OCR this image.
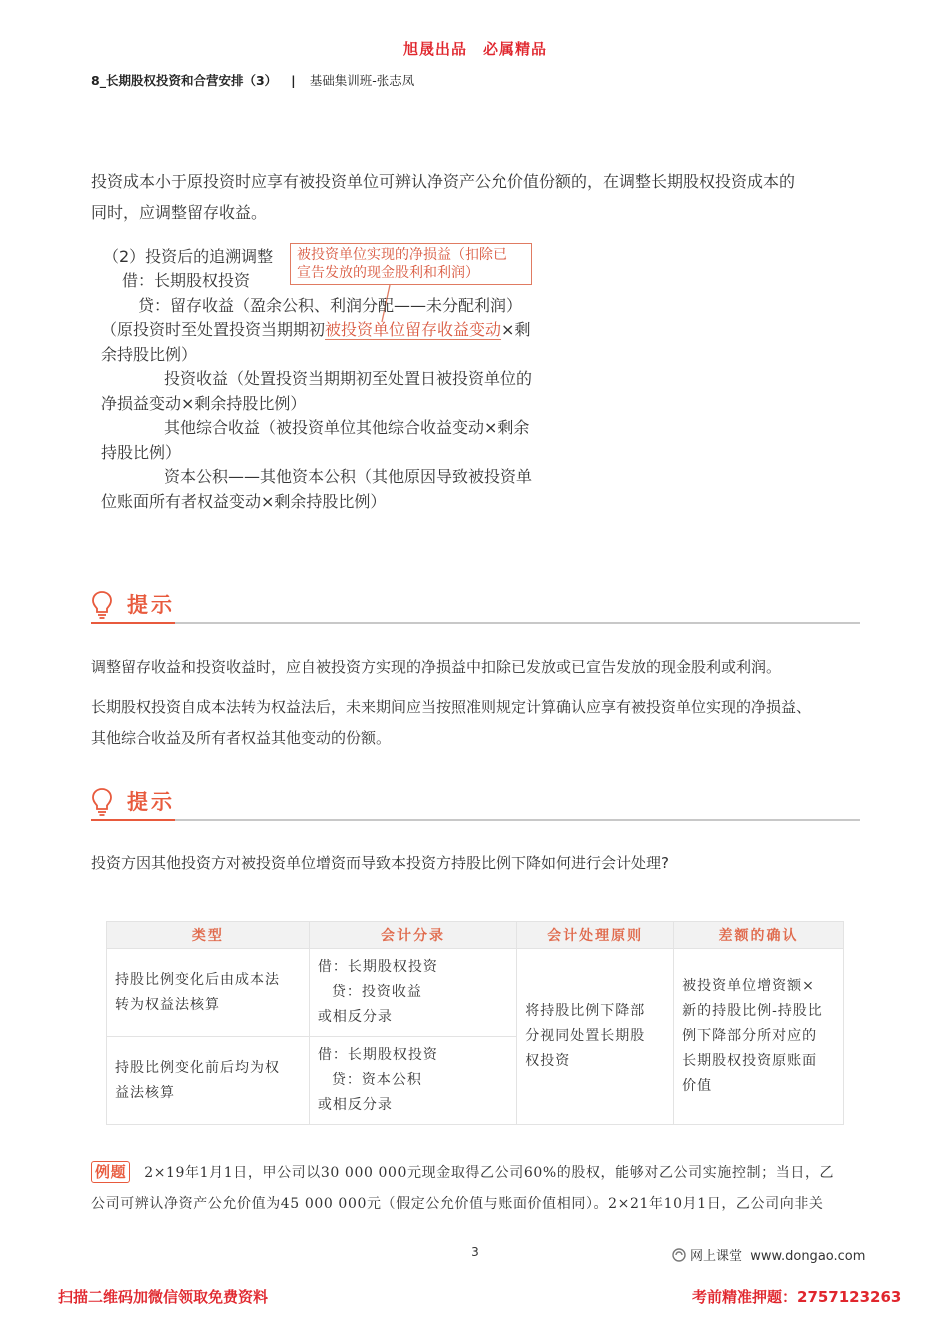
旭晟出品　必属精品
8_长期股权投资和合营安排（3） | 基础集训班-张志凤
投资成本小于原投资时应享有被投资单位可辨认净资产公允价值份额的，在调整长期股权投资成本的
同时，应调整留存收益。
（2）投资后的追溯调整 被投资单位实现的净损益（扣除已
宣告发放的现金股利和利润）
借：长期股权投资
贷：留存收益（盈余公积、利润分配——未分配利润）
（原投资时至处置投资当期期初被投资单位留存收益变动×剩
余持股比例）
投资收益（处置投资当期期初至处置日被投资单位的
净损益变动×剩余持股比例）
其他综合收益（被投资单位其他综合收益变动×剩余
持股比例）
资本公积——其他资本公积（其他原因导致被投资单
位账面所有者权益变动×剩余持股比例）
提示
调整留存收益和投资收益时，应自被投资方实现的净损益中扣除已发放或已宣告发放的现金股利或利润。
长期股权投资自成本法转为权益法后，未来期间应当按照准则规定计算确认应享有被投资单位实现的净损益、
其他综合收益及所有者权益其他变动的份额。
提示
投资方因其他投资方对被投资单位增资而导致本投资方持股比例下降如何进行会计处理?
类型	会计分录	会计处理原则	差额的确认

持股比例变化后由成本法
转为权益法核算	借：长期股权投资
贷：投资收益
或相反分录	将持股比例下降部
分视同处置长期股
权投资	被投资单位增资额×
新的持股比例-持股比
例下降部分所对应的
长期股权投资原账面
价值

持股比例变化前后均为权
益法核算	借：长期股权投资
贷：资本公积
或相反分录		
例题 2×19年1月1日，甲公司以30 000 000元现金取得乙公司60%的股权，能够对乙公司实施控制；当日，乙
公司可辨认净资产公允价值为45 000 000元（假定公允价值与账面价值相同）。2×21年10月1日，乙公司向非关
3	网上课堂 www.dongao.com
扫描二维码加微信领取免费资料	考前精准押题：2757123263
